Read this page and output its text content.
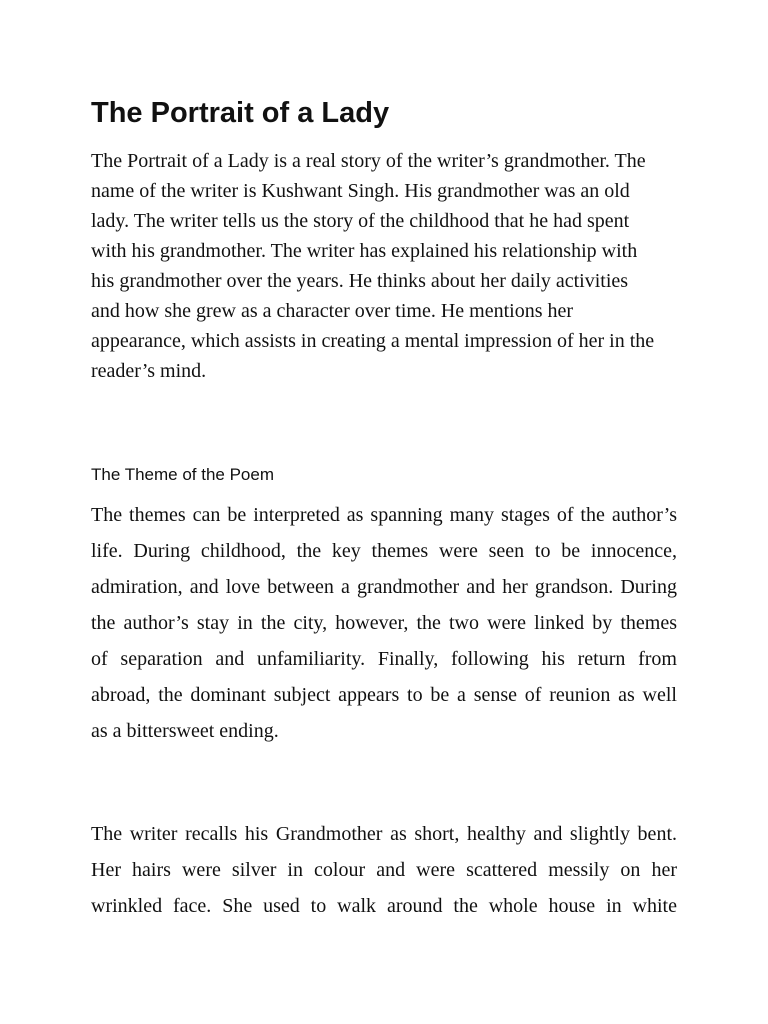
The Portrait of a Lady

The Portrait of a Lady is a real story of the writer’s grandmother. The
name of the writer is Kushwant Singh. His grandmother was an old
lady. The writer tells us the story of the childhood that he had spent
with his grandmother. The writer has explained his relationship with
his grandmother over the years. He thinks about her daily activities
and how she grew as a character over time. He mentions her
appearance, which assists in creating a mental impression of her in the
reader’s mind.

The Theme of the Poem

The themes can be interpreted as spanning many stages of the author’s
life. During childhood, the key themes were seen to be innocence,
admiration, and love between a grandmother and her grandson. During
the author’s stay in the city, however, the two were linked by themes
of separation and unfamiliarity. Finally, following his return from
abroad, the dominant subject appears to be a sense of reunion as well
as a bittersweet ending.

The writer recalls his Grandmother as short, healthy and slightly bent.
Her hairs were silver in colour and were scattered messily on her
wrinkled face. She used to walk around the whole house in white
